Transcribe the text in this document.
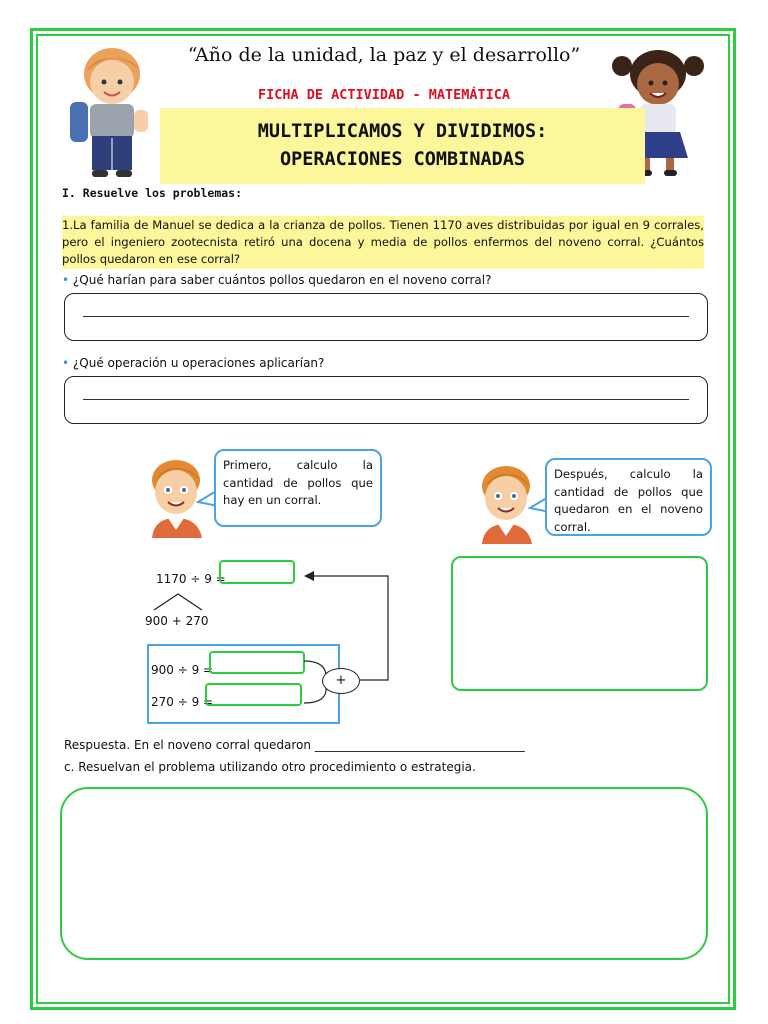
“Año de la unidad, la paz y el desarrollo”
FICHA DE ACTIVIDAD - MATEMÁTICA
MULTIPLICAMOS Y DIVIDIMOS:
OPERACIONES COMBINADAS
I. Resuelve los problemas:
1.La familia de Manuel se dedica a la crianza de pollos. Tienen 1170 aves distribuidas por igual en 9 corrales, pero el ingeniero zootecnista retiró una docena y media de pollos enfermos del noveno corral. ¿Cuántos pollos quedaron en ese corral?
• ¿Qué harían para saber cuántos pollos quedaron en el noveno corral?
• ¿Qué operación u operaciones aplicarían?
Primero, calculo la cantidad de pollos que hay en un corral.
Después, calculo la cantidad de pollos que quedaron en el noveno corral.
1170 ÷ 9 =
900 + 270
900 ÷ 9 =
270 ÷ 9 =
+
Respuesta. En el noveno corral quedaron ___________________________________
c. Resuelvan el problema utilizando otro procedimiento o estrategia.
